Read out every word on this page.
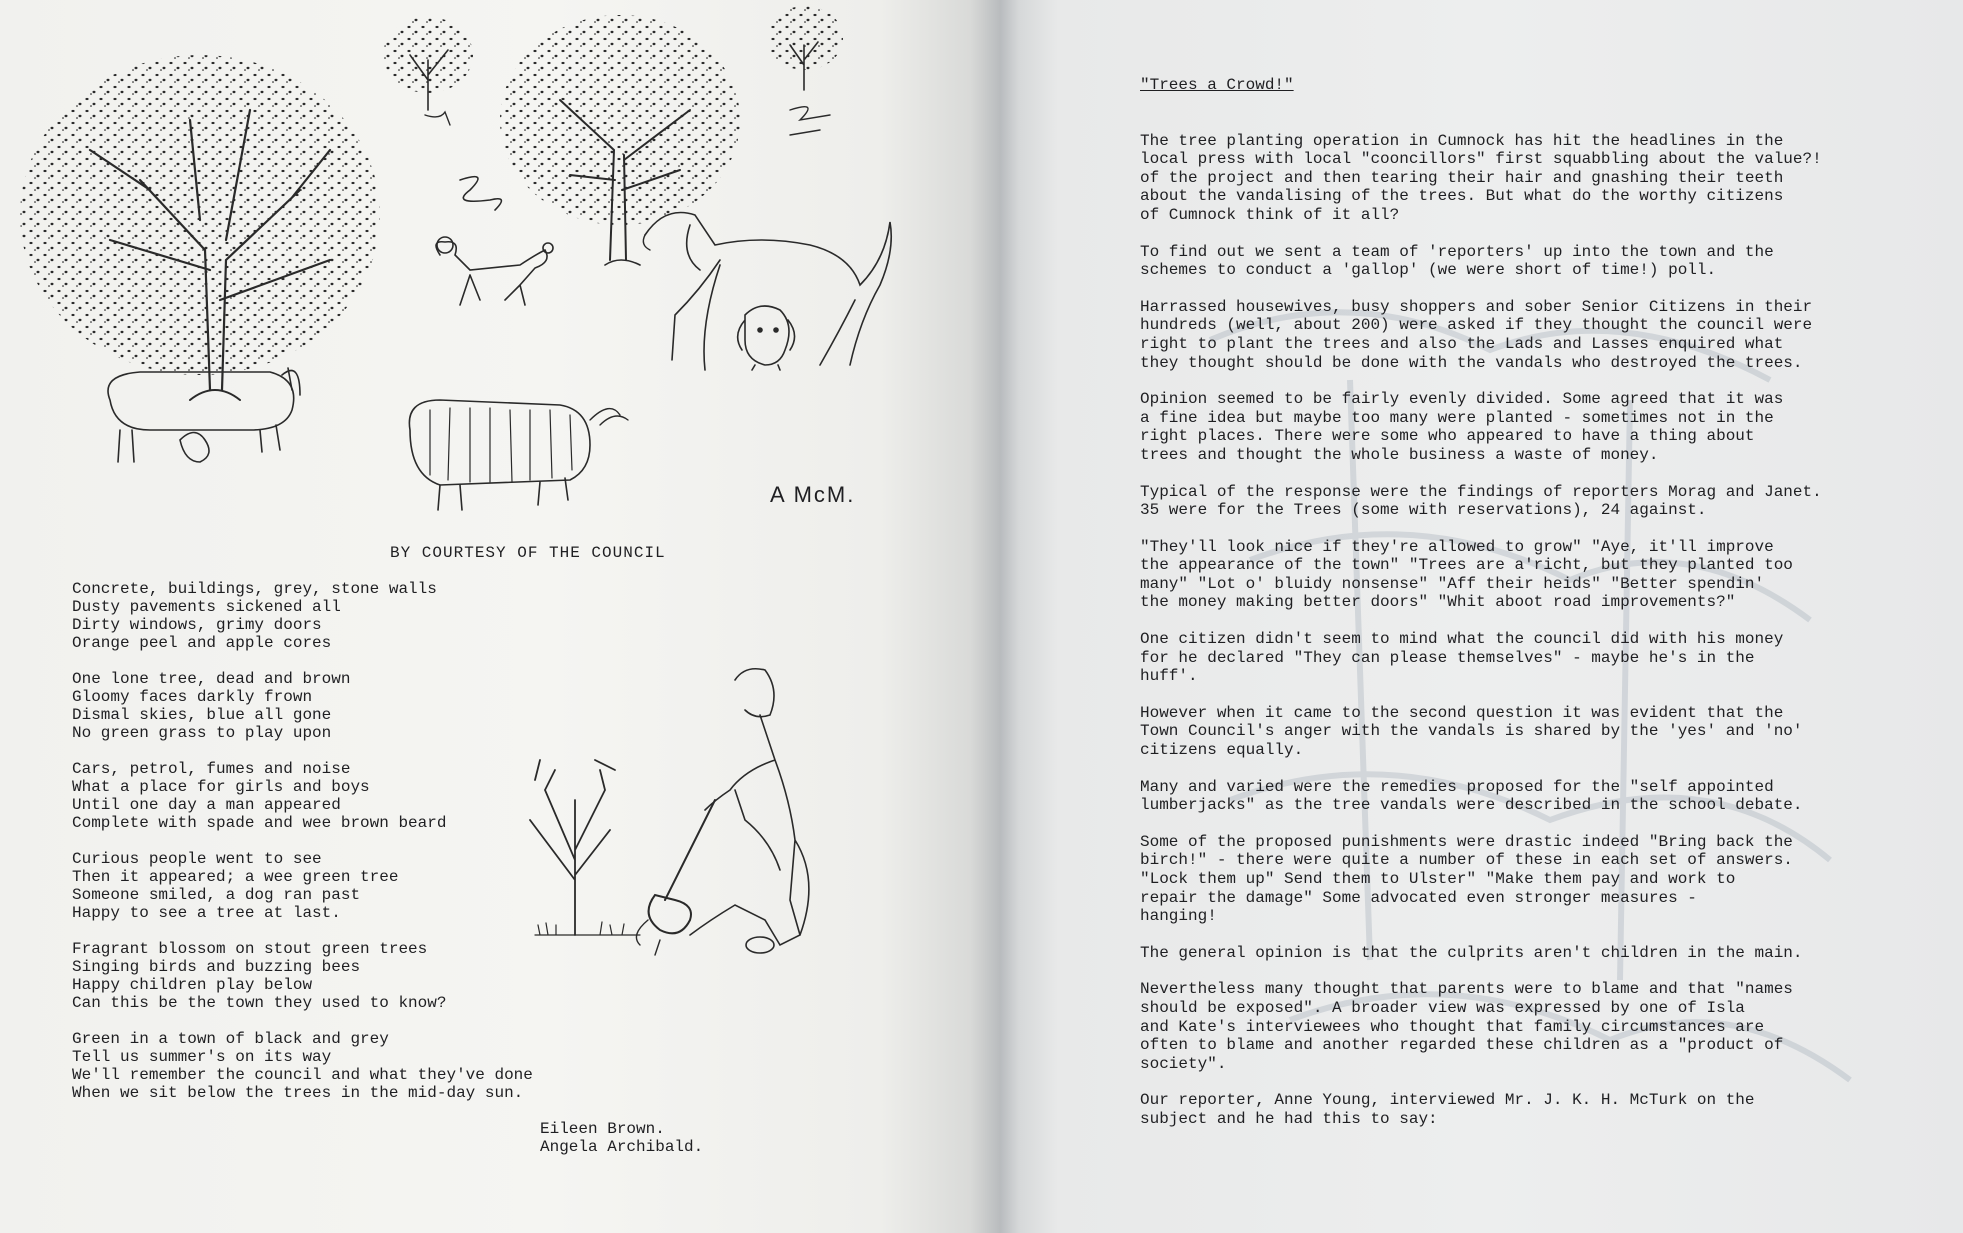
BY COURTESY OF THE COUNCIL
A McM.
Concrete, buildings, grey, stone walls
Dusty pavements sickened all
Dirty windows, grimy doors
Orange peel and apple cores
One lone tree, dead and brown
Gloomy faces darkly frown
Dismal skies, blue all gone
No green grass to play upon
Cars, petrol, fumes and noise
What a place for girls and boys
Until one day a man appeared
Complete with spade and wee brown beard
Curious people went to see
Then it appeared; a wee green tree
Someone smiled, a dog ran past
Happy to see a tree at last.
Fragrant blossom on stout green trees
Singing birds and buzzing bees
Happy children play below
Can this be the town they used to know?
Green in a town of black and grey
Tell us summer's on its way
We'll remember the council and what they've done
When we sit below the trees in the mid-day sun.
Eileen Brown.
Angela Archibald.
"Trees a Crowd!"
The tree planting operation in Cumnock has hit the headlines in the
local press with local "cooncillors" first squabbling about the value?!
of the project and then tearing their hair and gnashing their teeth
about the vandalising of the trees. But what do the worthy citizens
of Cumnock think of it all?
To find out we sent a team of 'reporters' up into the town and the
schemes to conduct a 'gallop' (we were short of time!) poll.
Harrassed housewives, busy shoppers and sober Senior Citizens in their
hundreds (well, about 200) were asked if they thought the council were
right to plant the trees and also the Lads and Lasses enquired what
they thought should be done with the vandals who destroyed the trees.
Opinion seemed to be fairly evenly divided. Some agreed that it was
a fine idea but maybe too many were planted - sometimes not in the
right places. There were some who appeared to have a thing about
trees and thought the whole business a waste of money.
Typical of the response were the findings of reporters Morag and Janet.
35 were for the Trees (some with reservations), 24 against.
"They'll look nice if they're allowed to grow" "Aye, it'll improve
the appearance of the town" "Trees are a'richt, but they planted too
many" "Lot o' bluidy nonsense" "Aff their heids" "Better spendin'
the money making better doors" "Whit aboot road improvements?"
One citizen didn't seem to mind what the council did with his money
for he declared "They can please themselves" - maybe he's in the
huff'.
However when it came to the second question it was evident that the
Town Council's anger with the vandals is shared by the 'yes' and 'no'
citizens equally.
Many and varied were the remedies proposed for the "self appointed
lumberjacks" as the tree vandals were described in the school debate.
Some of the proposed punishments were drastic indeed "Bring back the
birch!" - there were quite a number of these in each set of answers.
"Lock them up" Send them to Ulster" "Make them pay and work to
repair the damage" Some advocated even stronger measures -
hanging!
The general opinion is that the culprits aren't children in the main.
Nevertheless many thought that parents were to blame and that "names
should be exposed". A broader view was expressed by one of Isla
and Kate's interviewees who thought that family circumstances are
often to blame and another regarded these children as a "product of
society".
Our reporter, Anne Young, interviewed Mr. J. K. H. McTurk on the
subject and he had this to say:
